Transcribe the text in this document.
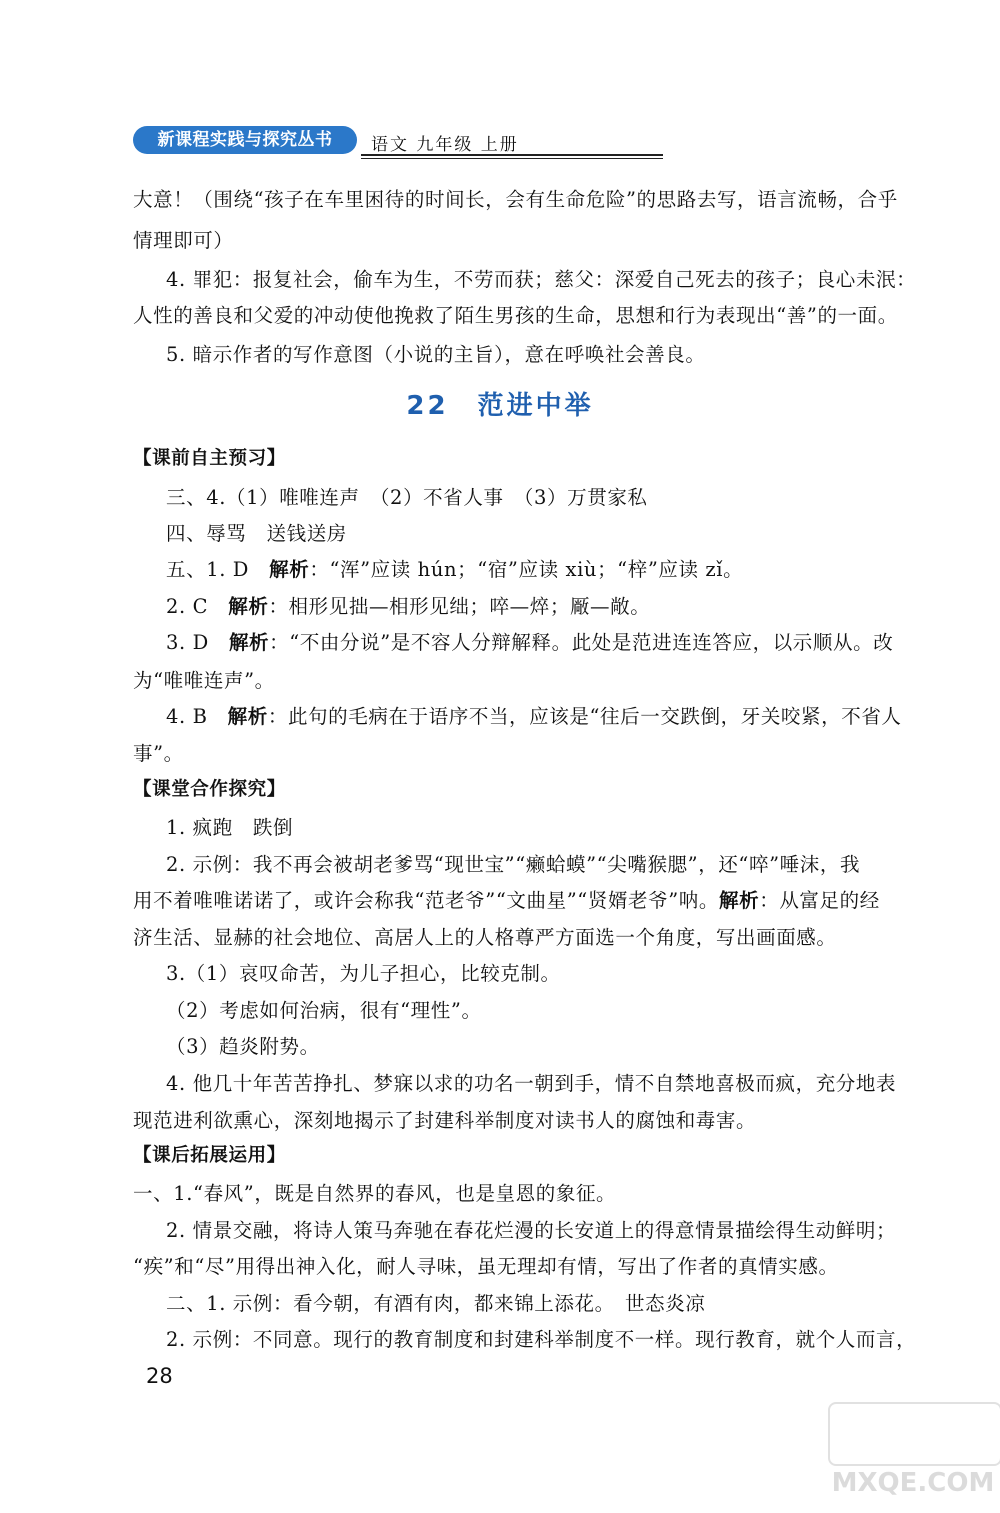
新课程实践与探究丛书	语文 九年级 上册
大意！（围绕“孩子在车里困待的时间长，会有生命危险”的思路去写，语言流畅，合乎
情理即可）
4. 罪犯：报复社会，偷车为生，不劳而获；慈父：深爱自己死去的孩子；良心未泯：
人性的善良和父爱的冲动使他挽救了陌生男孩的生命，思想和行为表现出“善”的一面。
5. 暗示作者的写作意图（小说的主旨），意在呼唤社会善良。
22　范进中举
【课前自主预习】
三、4.（1）唯唯连声　（2）不省人事　（3）万贯家私
四、辱骂　送钱送房
五、1. D　解析：“浑”应读 hún；“宿”应读 xiù；“梓”应读 zǐ。
2. C　解析：相形见拙—相形见绌；啐—焠；厰—敞。
3. D　解析：“不由分说”是不容人分辩解释。此处是范进连连答应，以示顺从。改
为“唯唯连声”。
4. B　解析：此句的毛病在于语序不当，应该是“往后一交跌倒，牙关咬紧，不省人
事”。
【课堂合作探究】
1. 疯跑　跌倒
2. 示例：我不再会被胡老爹骂“现世宝”“癞蛤蟆”“尖嘴猴腮”，还“啐”唾沫，我
用不着唯唯诺诺了，或许会称我“范老爷”“文曲星”“贤婿老爷”呐。解析：从富足的经
济生活、显赫的社会地位、高居人上的人格尊严方面选一个角度，写出画面感。
3.（1）哀叹命苦，为儿子担心，比较克制。
（2）考虑如何治病，很有“理性”。
（3）趋炎附势。
4. 他几十年苦苦挣扎、梦寐以求的功名一朝到手，情不自禁地喜极而疯，充分地表
现范进利欲熏心，深刻地揭示了封建科举制度对读书人的腐蚀和毒害。
【课后拓展运用】
一、1.“春风”，既是自然界的春风，也是皇恩的象征。
2. 情景交融，将诗人策马奔驰在春花烂漫的长安道上的得意情景描绘得生动鲜明；
“疾”和“尽”用得出神入化，耐人寻味，虽无理却有情，写出了作者的真情实感。
二、1. 示例：看今朝，有酒有肉，都来锦上添花。　世态炎凉
2. 示例：不同意。现行的教育制度和封建科举制度不一样。现行教育，就个人而言，
28
MXQE.COM
